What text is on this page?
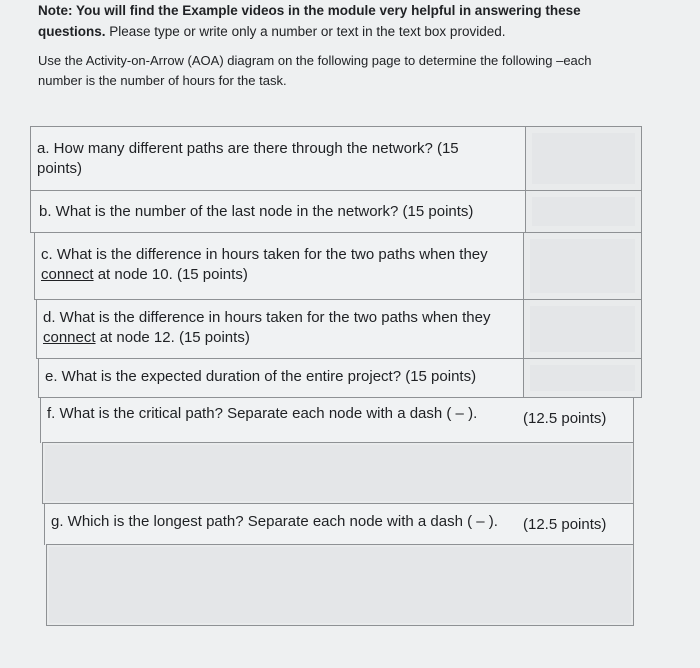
Note: You will find the Example videos in the module very helpful in answering these
questions. Please type or write only a number or text in the text box provided.
Use the Activity-on-Arrow (AOA) diagram on the following page to determine the following –each
number is the number of hours for the task.
a. How many different paths are there through the network? (15
points)
b. What is the number of the last node in the network? (15 points)
c. What is the difference in hours taken for the two paths when they
connect at node 10. (15 points)
d. What is the difference in hours taken for the two paths when they
connect at node 12. (15 points)
e. What is the expected duration of the entire project? (15 points)
f. What is the critical path? Separate each node with a dash ( – ).	(12.5 points)
g. Which is the longest path? Separate each node with a dash ( – ). (12.5 points)
